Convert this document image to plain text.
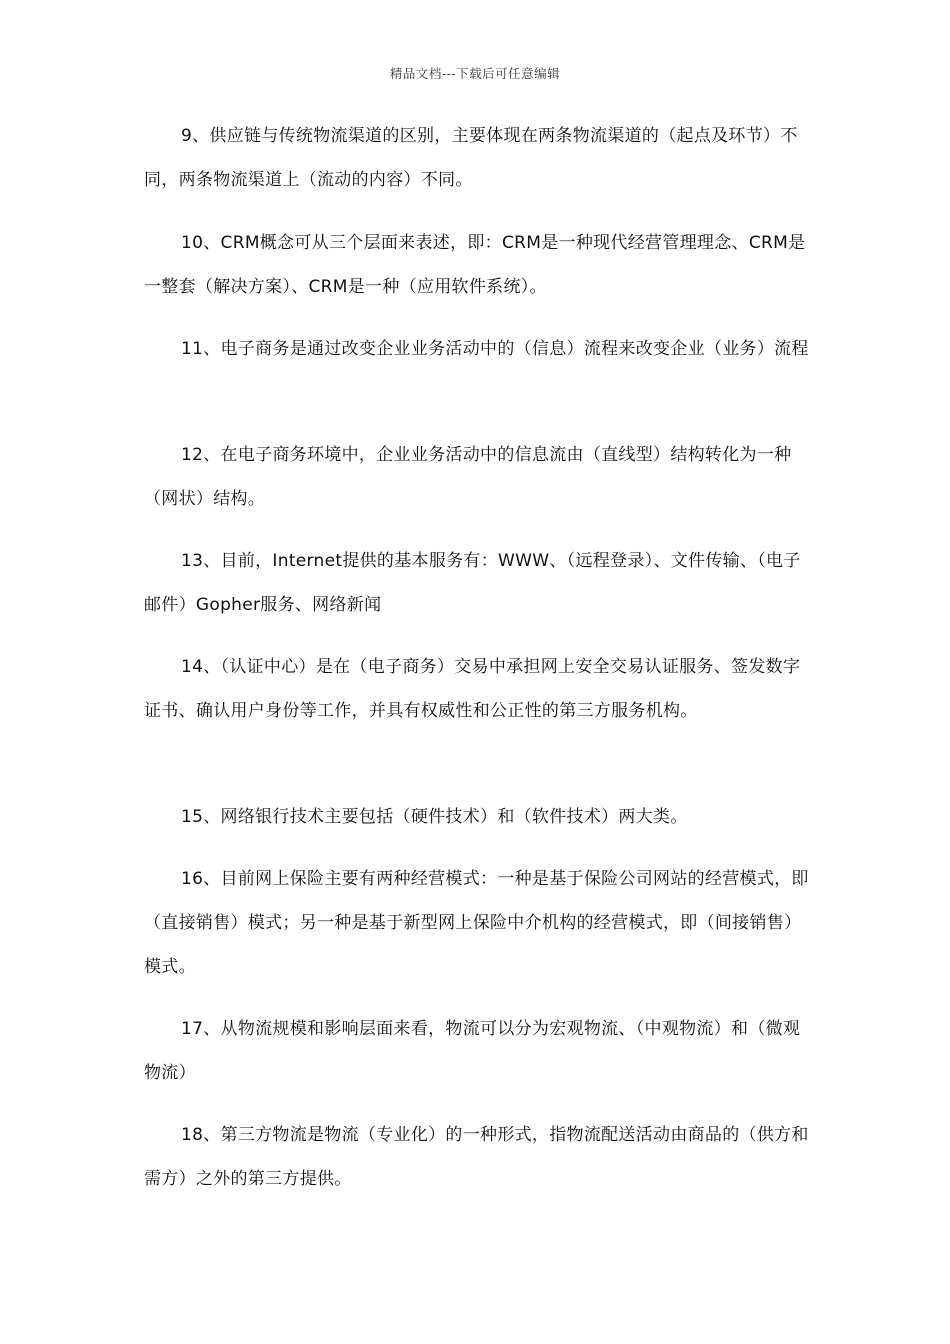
精品文档---下载后可任意编辑

9、供应链与传统物流渠道的区别，主要体现在两条物流渠道的（起点及环节）不同，两条物流渠道上（流动的内容）不同。

10、CRM概念可从三个层面来表述，即：CRM是一种现代经营管理理念、CRM是一整套（解决方案）、CRM是一种（应用软件系统）。

11、电子商务是通过改变企业业务活动中的（信息）流程来改变企业（业务）流程

12、在电子商务环境中，企业业务活动中的信息流由（直线型）结构转化为一种（网状）结构。

13、目前，Internet提供的基本服务有：WWW、（远程登录）、文件传输、（电子邮件）Gopher服务、网络新闻

14、（认证中心）是在（电子商务）交易中承担网上安全交易认证服务、签发数字证书、确认用户身份等工作，并具有权威性和公正性的第三方服务机构。

15、网络银行技术主要包括（硬件技术）和（软件技术）两大类。

16、目前网上保险主要有两种经营模式：一种是基于保险公司网站的经营模式，即（直接销售）模式；另一种是基于新型网上保险中介机构的经营模式，即（间接销售）模式。

17、从物流规模和影响层面来看，物流可以分为宏观物流、（中观物流）和（微观物流）

18、第三方物流是物流（专业化）的一种形式，指物流配送活动由商品的（供方和需方）之外的第三方提供。
